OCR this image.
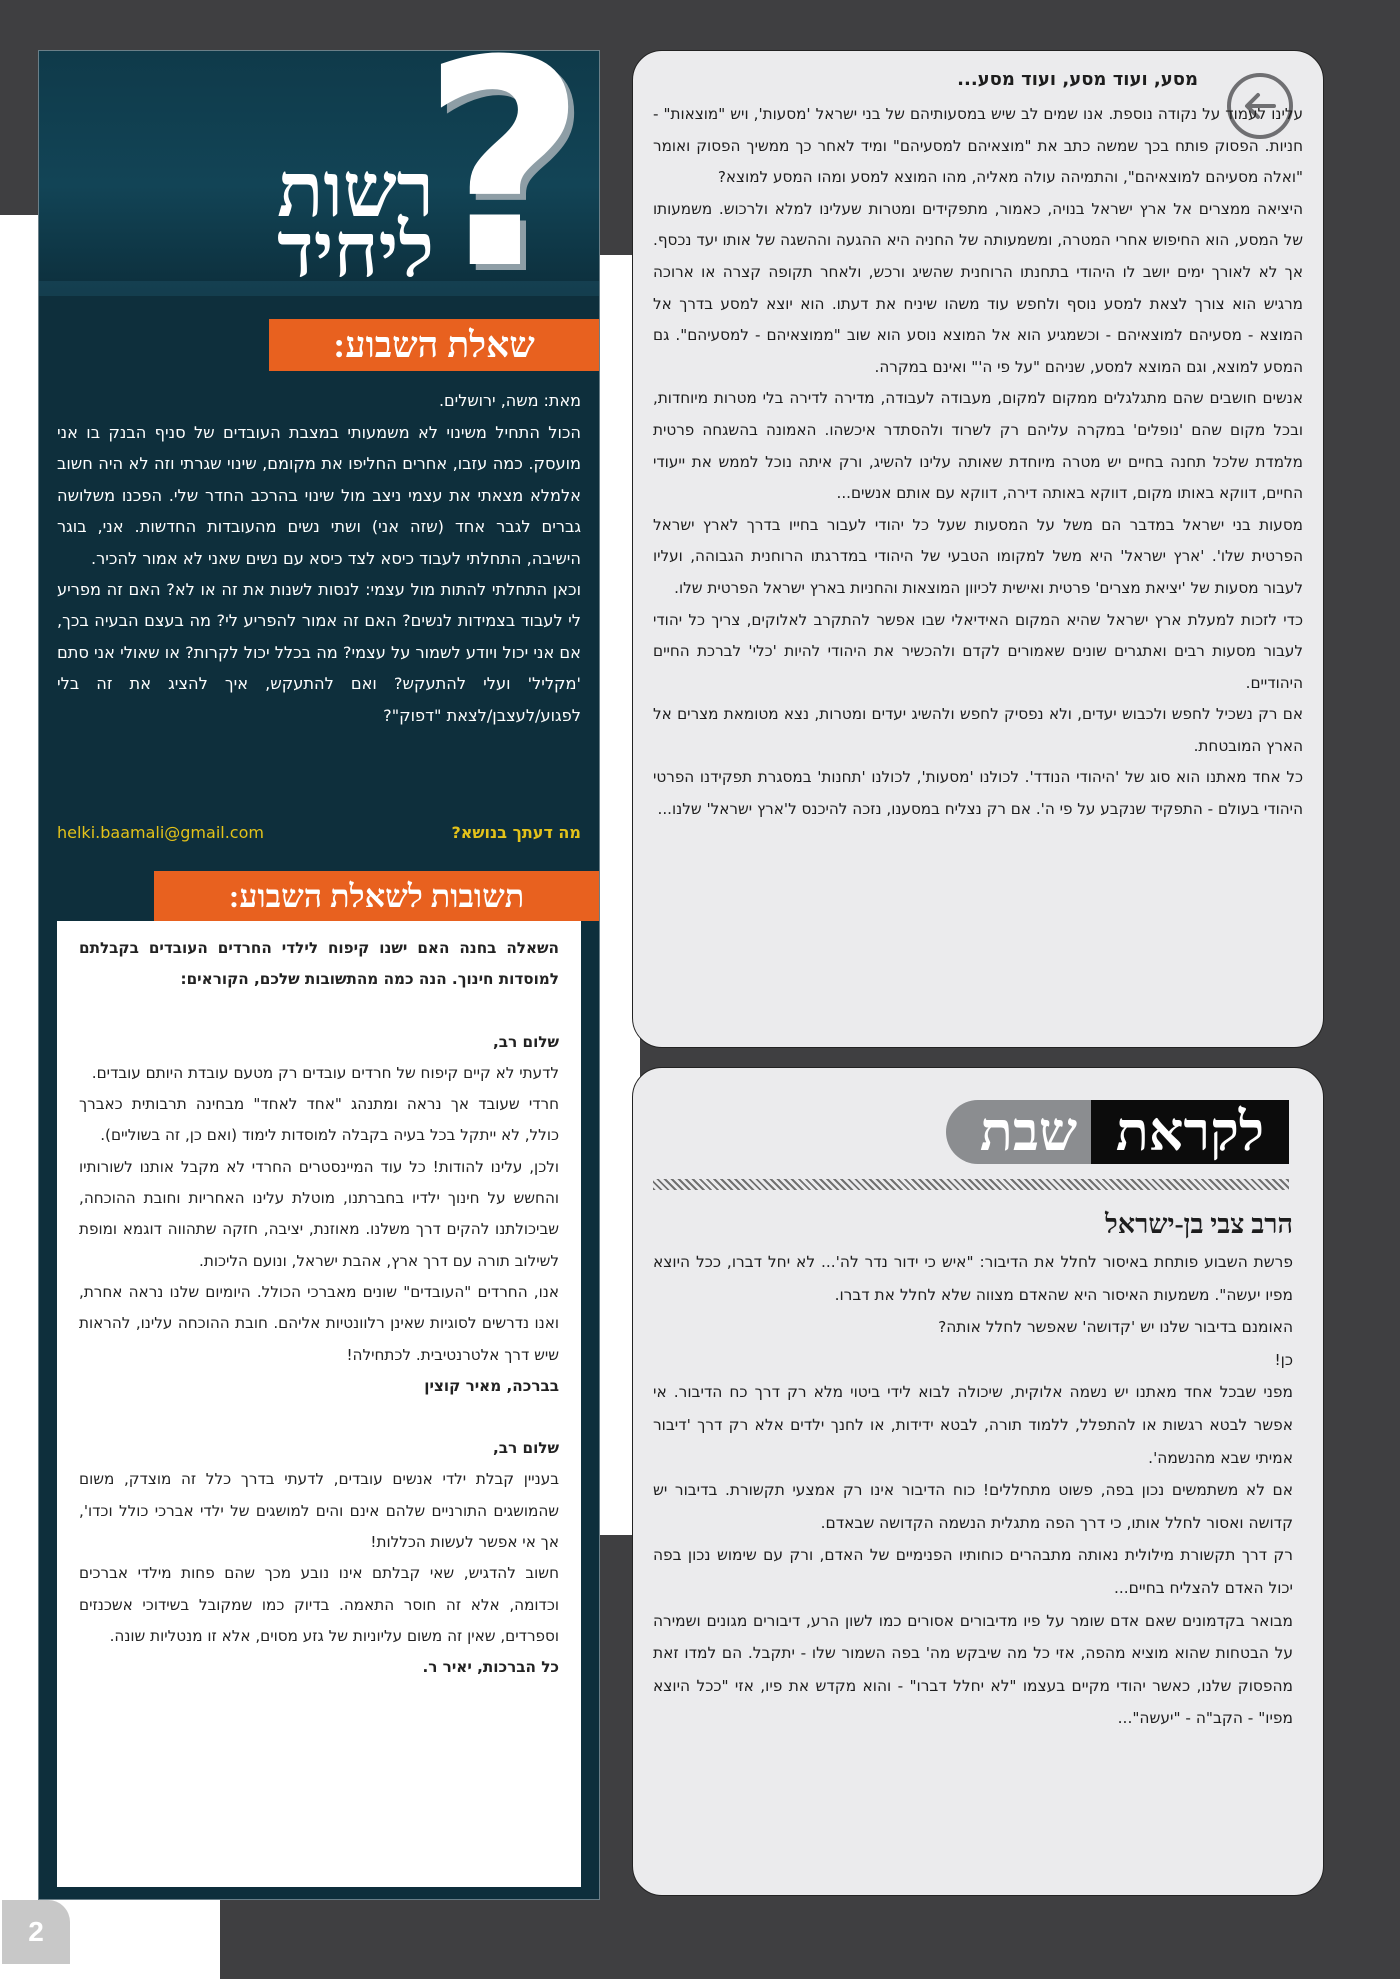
?
רשות
ליחיד
שאלת השבוע:
מאת: משה, ירושלים.

הכול התחיל משינוי לא משמעותי במצבת העובדים של סניף הבנק בו אני מועסק. כמה עזבו, אחרים החליפו את מקומם, שינוי שגרתי וזה לא היה חשוב אלמלא מצאתי את עצמי ניצב מול שינוי בהרכב החדר שלי. הפכנו משלושה גברים לגבר אחד (שזה אני) ושתי נשים מהעובדות החדשות. אני, בוגר הישיבה, התחלתי לעבוד כיסא לצד כיסא עם נשים שאני לא אמור להכיר.

וכאן התחלתי להתות מול עצמי: לנסות לשנות את זה או לא? האם זה מפריע לי לעבוד בצמידות לנשים? האם זה אמור להפריע לי? מה בעצם הבעיה בכך, אם אני יכול ויודע לשמור על עצמי? מה בכלל יכול לקרות? או שאולי אני סתם 'מקליל' ועלי להתעקש? ואם להתעקש, איך להציג את זה בלי לפגוע/לעצבן/לצאת "דפוק"?

מה דעתך בנושא?
helki.baamali@gmail.com
תשובות לשאלת השבוע:

השאלה בחנה האם ישנו קיפוח לילדי החרדים העובדים בקבלתם למוסדות חינוך. הנה כמה מהתשובות שלכם, הקוראים:

שלום רב,

לדעתי לא קיים קיפוח של חרדים עובדים רק מטעם עובדת היותם עובדים.

חרדי שעובד אך נראה ומתנהג "אחד לאחד" מבחינה תרבותית כאברך כולל, לא ייתקל בכל בעיה בקבלה למוסדות לימוד (ואם כן, זה בשוליים).

ולכן, עלינו להודות! כל עוד המיינסטרים החרדי לא מקבל אותנו לשורותיו והחשש על חינוך ילדיו בחברתנו, מוטלת עלינו האחריות וחובת ההוכחה, שביכולתנו להקים דרך משלנו. מאוזנת, יציבה, חזקה שתהווה דוגמא ומופת לשילוב תורה עם דרך ארץ, אהבת ישראל, ונועם הליכות.

אנו, החרדים "העובדים" שונים מאברכי הכולל. היומיום שלנו נראה אחרת, ואנו נדרשים לסוגיות שאינן רלוונטיות אליהם. חובת ההוכחה עלינו, להראות שיש דרך אלטרנטיבית. לכתחילה!

בברכה, מאיר קוצין

שלום רב,

בעניין קבלת ילדי אנשים עובדים, לדעתי בדרך כלל זה מוצדק, משום שהמושגים התורניים שלהם אינם והים למושגים של ילדי אברכי כולל וכדו', אך אי אפשר לעשות הכללות!

חשוב להדגיש, שאי קבלתם אינו נובע מכך שהם פחות מילדי אברכים וכדומה, אלא זה חוסר התאמה. בדיוק כמו שמקובל בשידוכי אשכנזים וספרדים, שאין זה משום עליוניות של גזע מסוים, אלא זו מנטליות שונה.

כל הברכות, יאיר ר.

מסע, ועוד מסע, ועוד מסע...

עלינו לעמוד על נקודה נוספת. אנו שמים לב שיש במסעותיהם של בני ישראל 'מסעות', ויש "מוצאות" - חניות. הפסוק פותח בכך שמשה כתב את "מוצאיהם למסעיהם" ומיד לאחר כך ממשיך הפסוק ואומר "ואלה מסעיהם למוצאיהם", והתמיהה עולה מאליה, מהו המוצא למסע ומהו המסע למוצא?

היציאה ממצרים אל ארץ ישראל בנויה, כאמור, מתפקידים ומטרות שעלינו למלא ולרכוש. משמעותו של המסע, הוא החיפוש אחרי המטרה, ומשמעותה של החניה היא ההגעה וההשגה של אותו יעד נכסף. אך לא לאורך ימים יושב לו היהודי בתחנתו הרוחנית שהשיג ורכש, ולאחר תקופה קצרה או ארוכה מרגיש הוא צורך לצאת למסע נוסף ולחפש עוד משהו שיניח את דעתו. הוא יוצא למסע בדרך אל המוצא - מסעיהם למוצאיהם - וכשמגיע הוא אל המוצא נוסע הוא שוב "ממוצאיהם - למסעיהם". גם המסע למוצא, וגם המוצא למסע, שניהם "על פי ה'" ואינם במקרה.

אנשים חושבים שהם מתגלגלים ממקום למקום, מעבודה לעבודה, מדירה לדירה בלי מטרות מיוחדות, ובכל מקום שהם 'נופלים' במקרה עליהם רק לשרוד ולהסתדר איכשהו. האמונה בהשגחה פרטית מלמדת שלכל תחנה בחיים יש מטרה מיוחדת שאותה עלינו להשיג, ורק איתה נוכל לממש את ייעודי החיים, דווקא באותו מקום, דווקא באותה דירה, דווקא עם אותם אנשים...

מסעות בני ישראל במדבר הם משל על המסעות שעל כל יהודי לעבור בחייו בדרך לארץ ישראל הפרטית שלו'. 'ארץ ישראל' היא משל למקומו הטבעי של היהודי במדרגתו הרוחנית הגבוהה, ועליו לעבור מסעות של 'יציאת מצרים' פרטית ואישית לכיוון המוצאות והחניות בארץ ישראל הפרטית שלו.

כדי לזכות למעלת ארץ ישראל שהיא המקום האידיאלי שבו אפשר להתקרב לאלוקים, צריך כל יהודי לעבור מסעות רבים ואתגרים שונים שאמורים לקדם ולהכשיר את היהודי להיות 'כלי' לברכת החיים היהודיים.

אם רק נשכיל לחפש ולכבוש יעדים, ולא נפסיק לחפש ולהשיג יעדים ומטרות, נצא מטומאת מצרים אל הארץ המובטחת.

כל אחד מאתנו הוא סוג של 'היהודי הנודד'. לכולנו 'מסעות', לכולנו 'תחנות' במסגרת תפקידנו הפרטי היהודי בעולם - התפקיד שנקבע על פי ה'. אם רק נצליח במסענו, נזכה להיכנס ל'ארץ ישראל' שלנו...

שבת לקראת
הרב צבי בן-ישראל

פרשת השבוע פותחת באיסור לחלל את הדיבור: "איש כי ידור נדר לה'... לא יחל דברו, ככל היוצא מפיו יעשה". משמעות האיסור היא שהאדם מצווה שלא לחלל את דברו.

האומנם בדיבור שלנו יש 'קדושה' שאפשר לחלל אותה?

כן!

מפני שבכל אחד מאתנו יש נשמה אלוקית, שיכולה לבוא לידי ביטוי מלא רק דרך כח הדיבור. אי אפשר לבטא רגשות או להתפלל, ללמוד תורה, לבטא ידידות, או לחנך ילדים אלא רק דרך 'דיבור אמיתי שבא מהנשמה'.

אם לא משתמשים נכון בפה, פשוט מתחללים! כוח הדיבור אינו רק אמצעי תקשורת. בדיבור יש קדושה ואסור לחלל אותו, כי דרך הפה מתגלית הנשמה הקדושה שבאדם.

רק דרך תקשורת מילולית נאותה מתבהרים כוחותיו הפנימיים של האדם, ורק עם שימוש נכון בפה יכול האדם להצליח בחיים...

מבואר בקדמונים שאם אדם שומר על פיו מדיבורים אסורים כמו לשון הרע, דיבורים מגונים ושמירה על הבטחות שהוא מוציא מהפה, אזי כל מה שיבקש מה' בפה השמור שלו - יתקבל. הם למדו זאת מהפסוק שלנו, כאשר יהודי מקיים בעצמו "לא יחלל דברו" - והוא מקדש את פיו, אזי "ככל היוצא מפיו" - הקב"ה - "יעשה"...

2
